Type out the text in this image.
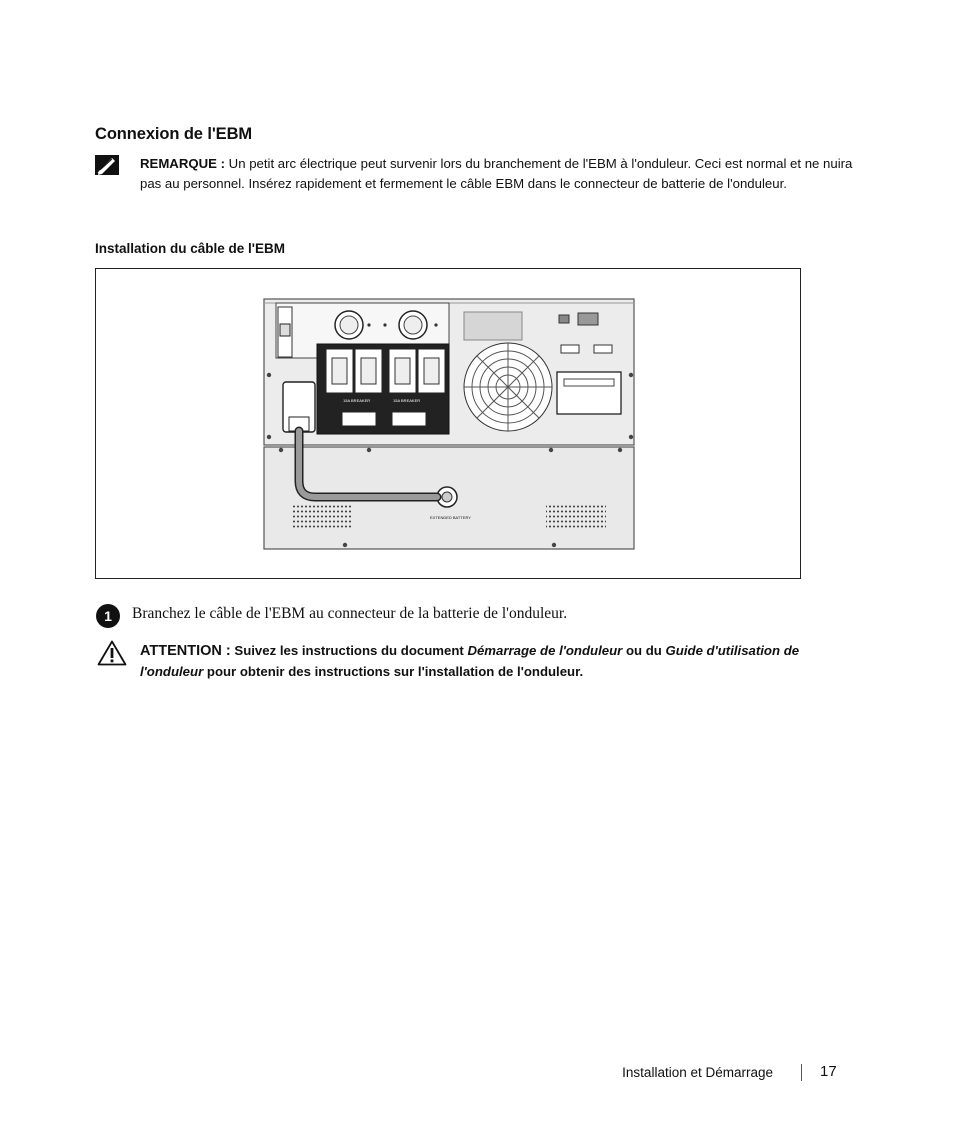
Connexion de l'EBM
REMARQUE : Un petit arc électrique peut survenir lors du branchement de l'EBM à l'onduleur. Ceci est normal et ne nuira pas au personnel. Insérez rapidement et fermement le câble EBM dans le connecteur de batterie de l'onduleur.
Installation du câble de l'EBM
15A BREAKER	15A BREAKER
EXTENDED BATTERY
1	Branchez le câble de l'EBM au connecteur de la batterie de l'onduleur.
ATTENTION : Suivez les instructions du document Démarrage de l'onduleur ou du Guide d'utilisation de l'onduleur pour obtenir des instructions sur l'installation de l'onduleur.
Installation et Démarrage	17
